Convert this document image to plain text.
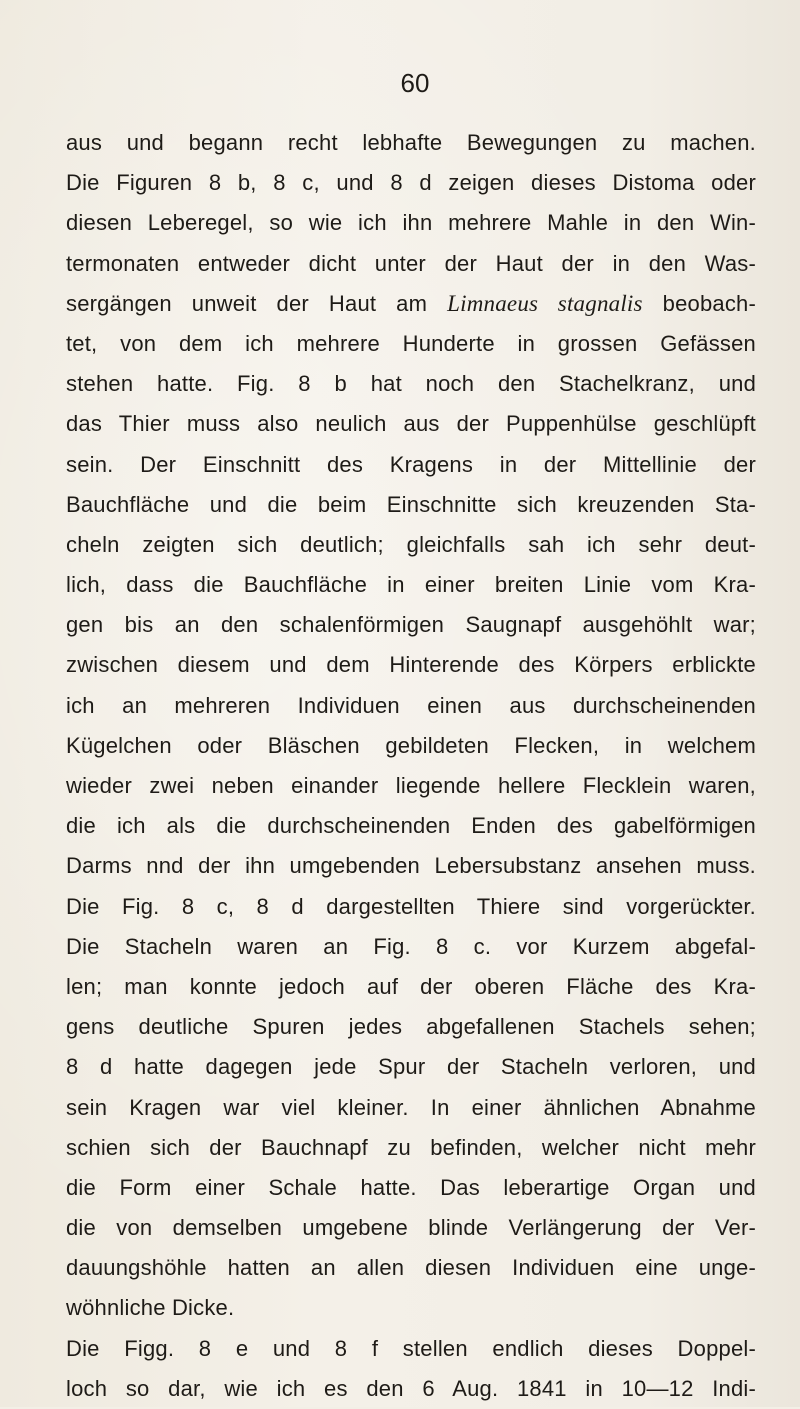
60
aus und begann recht lebhafte Bewegungen zu machen.
Die Figuren 8 b, 8 c, und 8 d zeigen dieses Distoma oder
diesen Leberegel, so wie ich ihn mehrere Mahle in den Win-
termonaten entweder dicht unter der Haut der in den Was-
sergängen unweit der Haut am Limnaeus stagnalis beobach-
tet, von dem ich mehrere Hunderte in grossen Gefässen
stehen hatte. Fig. 8 b hat noch den Stachelkranz, und
das Thier muss also neulich aus der Puppenhülse geschlüpft
sein. Der Einschnitt des Kragens in der Mittellinie der
Bauchfläche und die beim Einschnitte sich kreuzenden Sta-
cheln zeigten sich deutlich; gleichfalls sah ich sehr deut-
lich, dass die Bauchfläche in einer breiten Linie vom Kra-
gen bis an den schalenförmigen Saugnapf ausgehöhlt war;
zwischen diesem und dem Hinterende des Körpers erblickte
ich an mehreren Individuen einen aus durchscheinenden
Kügelchen oder Bläschen gebildeten Flecken, in welchem
wieder zwei neben einander liegende hellere Flecklein waren,
die ich als die durchscheinenden Enden des gabelförmigen
Darms nnd der ihn umgebenden Lebersubstanz ansehen muss.
Die Fig. 8 c, 8 d dargestellten Thiere sind vorgerückter.
Die Stacheln waren an Fig. 8 c. vor Kurzem abgefal-
len; man konnte jedoch auf der oberen Fläche des Kra-
gens deutliche Spuren jedes abgefallenen Stachels sehen;
8 d hatte dagegen jede Spur der Stacheln verloren, und
sein Kragen war viel kleiner. In einer ähnlichen Abnahme
schien sich der Bauchnapf zu befinden, welcher nicht mehr
die Form einer Schale hatte. Das leberartige Organ und
die von demselben umgebene blinde Verlängerung der Ver-
dauungshöhle hatten an allen diesen Individuen eine unge-
wöhnliche Dicke.
Die Figg. 8 e und 8 f stellen endlich dieses Doppel-
loch so dar, wie ich es den 6 Aug. 1841 in 10—12 Indi-
